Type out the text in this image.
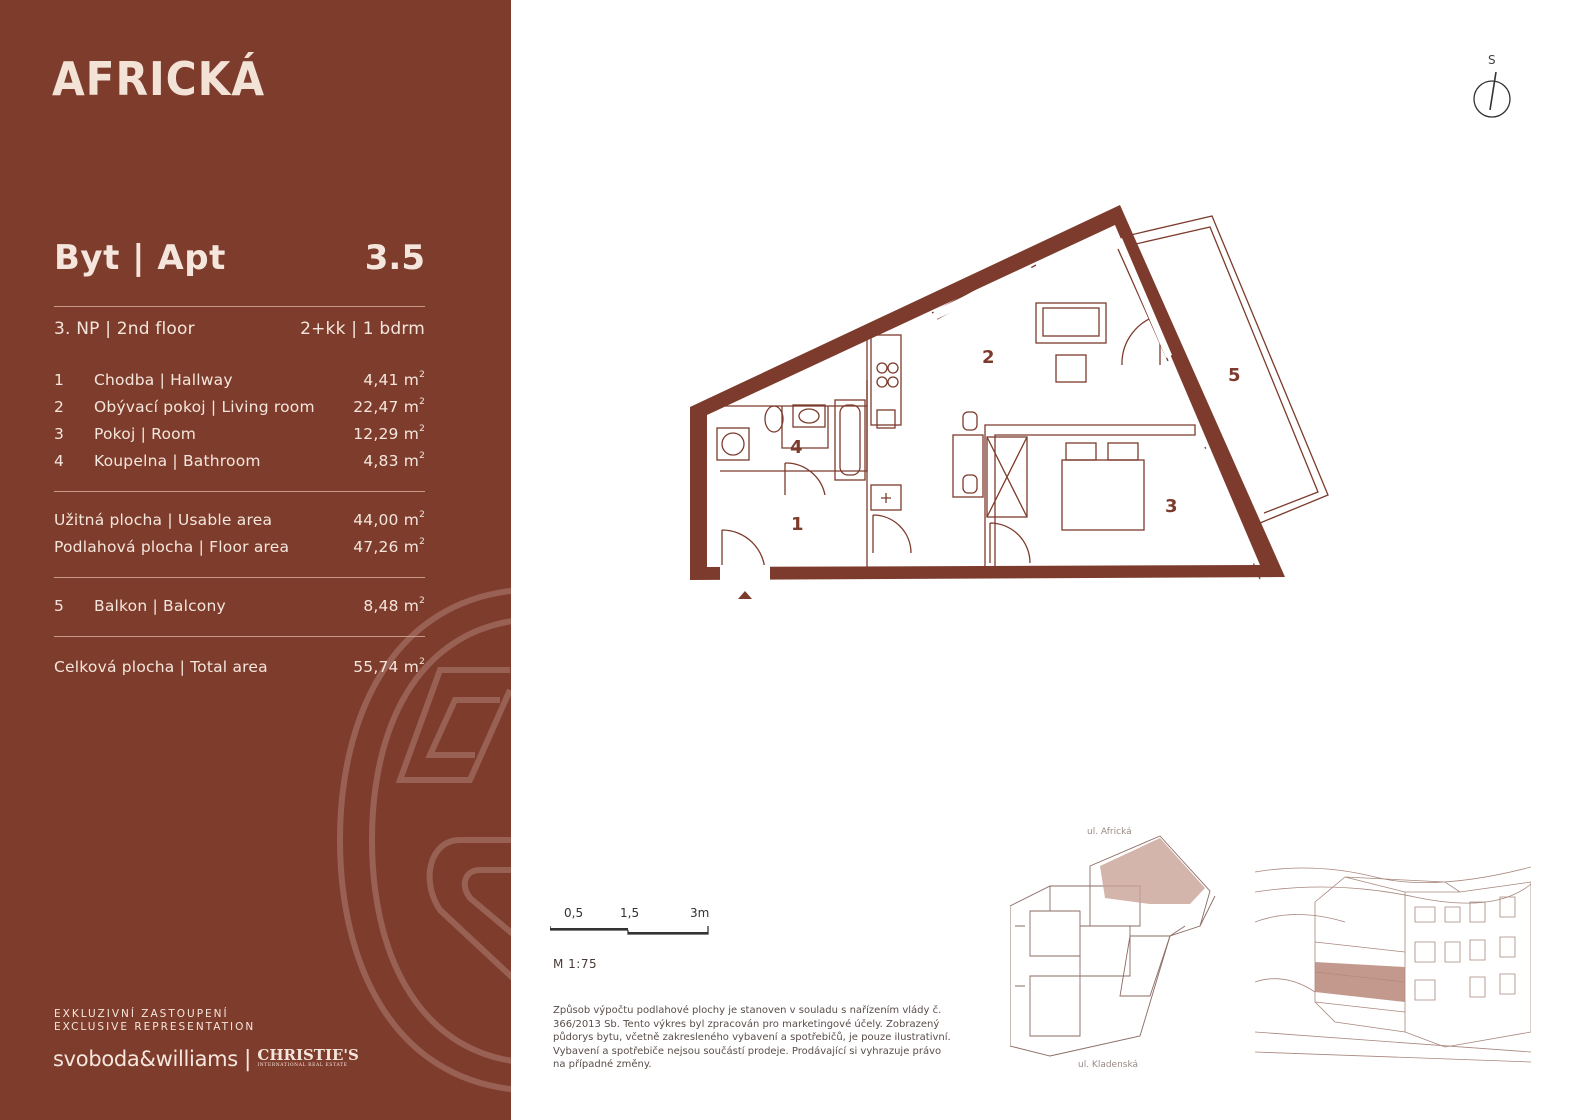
AFRICKÁ
Byt | Apt	3.5
3. NP | 2nd floor	2+kk | 1 bdrm
1 Chodba | Hallway	4,41 $m^2$
2 Obývací pokoj | Living room 22,47 $m^2$
3 Pokoj | Room	12,29 $m^2$
4 Koupelna | Bathroom	4,83 $m^2$
Užitná plocha | Usable area	44,00 $m^2$
Podlahová plocha | Floor area	47,26 $m^2$
5 Balkon | Balcony	8,48 $m^2$
Celková plocha | Total area	55,74 $m^2$
EXKLUZIVNÍ ZASTOUPENÍ
EXCLUSIVE REPRESENTATION
svoboda&williams | CHRISTIE'S
INTERNATIONAL REAL ESTATE
S
1
2
3
4
5
0,5	1,5	3m
M 1:75
Způsob výpočtu podlahové plochy je stanoven v souladu s nařízením vlády č. 366/2013 Sb. Tento výkres byl zpracován pro marketingové účely. Zobrazený půdorys bytu, včetně zakresleného vybavení a spotřebičů, je pouze ilustrativní. Vybavení a spotřebiče nejsou součástí prodeje. Prodávající si vyhrazuje právo na případné změny.
ul. Africká
ul. Kladenská
